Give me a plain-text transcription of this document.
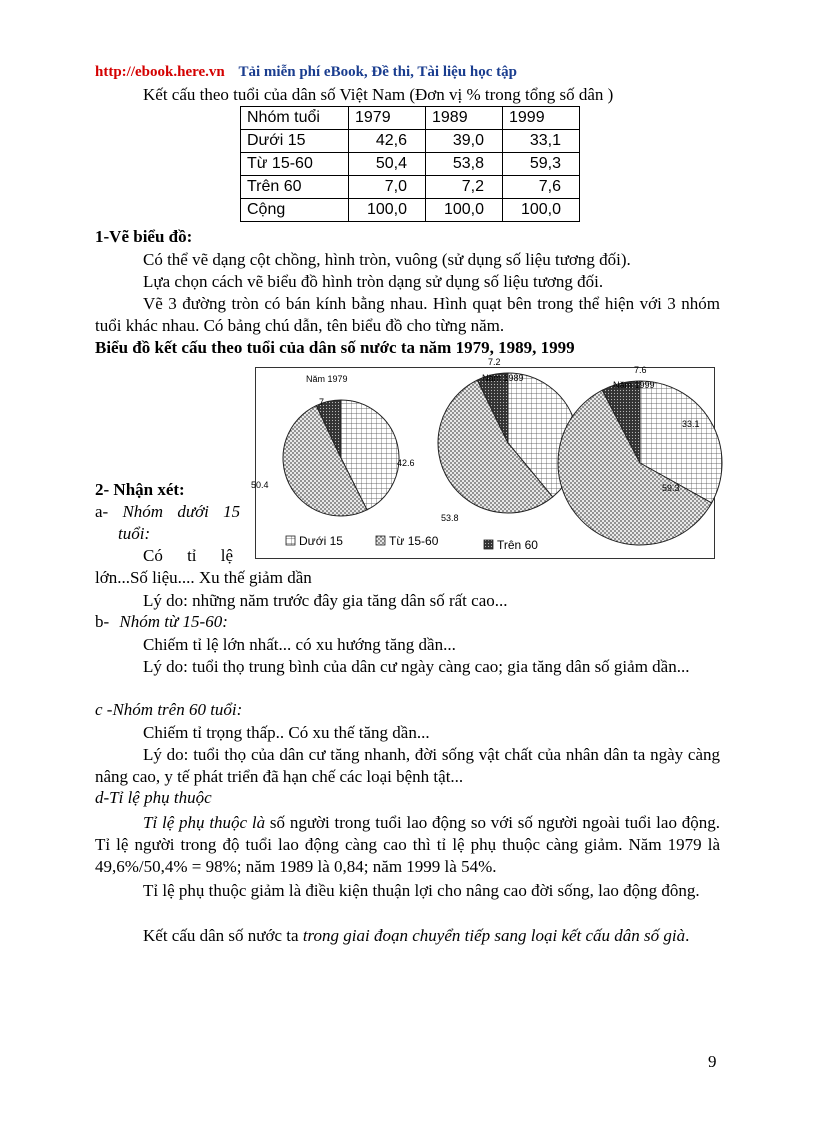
http://ebook.here.vn Tải miễn phí eBook, Đề thi, Tài liệu học tập
Kết cấu theo tuổi của dân số Việt Nam (Đơn vị % trong tổng số dân )
Nhóm tuổi	1979	1989	1999
Dưới 15	42,6	39,0	33,1
Từ 15-60	50,4	53,8	59,3
Trên 60	7,0	7,2	7,6
Cộng	100,0	100,0	100,0
1-Vẽ biểu đồ:
Có thể vẽ dạng cột chồng, hình tròn, vuông (sử dụng số liệu tương đối).
Lựa chọn cách vẽ biểu đồ hình tròn dạng sử dụng số liệu tương đối.
Vẽ 3 đường tròn có bán kính bằng nhau. Hình quạt bên trong thể hiện với 3 nhóm tuổi khác nhau. Có bảng chú dẫn, tên biểu đồ cho từng năm.
Biểu đồ kết cấu theo tuổi của dân số nước ta năm 1979, 1989, 1999
Năm 1979
42.6
50.4
7
Năm 1989
53.8
7.2
Năm 1999
33.1
59.3
7.6
Dưới 15	Từ 15-60	Trên 60
2- Nhận xét:
a- Nhóm dưới 15
tuổi:
Có tỉ lệ
lớn...Số liệu.... Xu thế giảm dần
Lý do: những năm trước đây gia tăng dân số rất cao...
b- Nhóm từ 15-60:
Chiếm tỉ lệ lớn nhất... có xu hướng tăng dần...
Lý do: tuổi thọ trung bình của dân cư ngày càng cao; gia tăng dân số giảm dần...
c -Nhóm trên 60 tuổi:
Chiếm tỉ trọng thấp.. Có xu thế tăng dần...
Lý do: tuổi thọ của dân cư tăng nhanh, đời sống vật chất của nhân dân ta ngày càng nâng cao, y tế phát triển đã hạn chế các loại bệnh tật...
d-Tỉ lệ phụ thuộc
Tỉ lệ phụ thuộc là số người trong tuổi lao động so với số người ngoài tuổi lao động. Tỉ lệ người trong độ tuổi lao động càng cao thì tỉ lệ phụ thuộc càng giảm. Năm 1979 là 49,6%/50,4% = 98%; năm 1989 là 0,84; năm 1999 là 54%.
Tỉ lệ phụ thuộc giảm là điều kiện thuận lợi cho nâng cao đời sống, lao động đông.
Kết cấu dân số nước ta trong giai đoạn chuyển tiếp sang loại kết cấu dân số già.
9
